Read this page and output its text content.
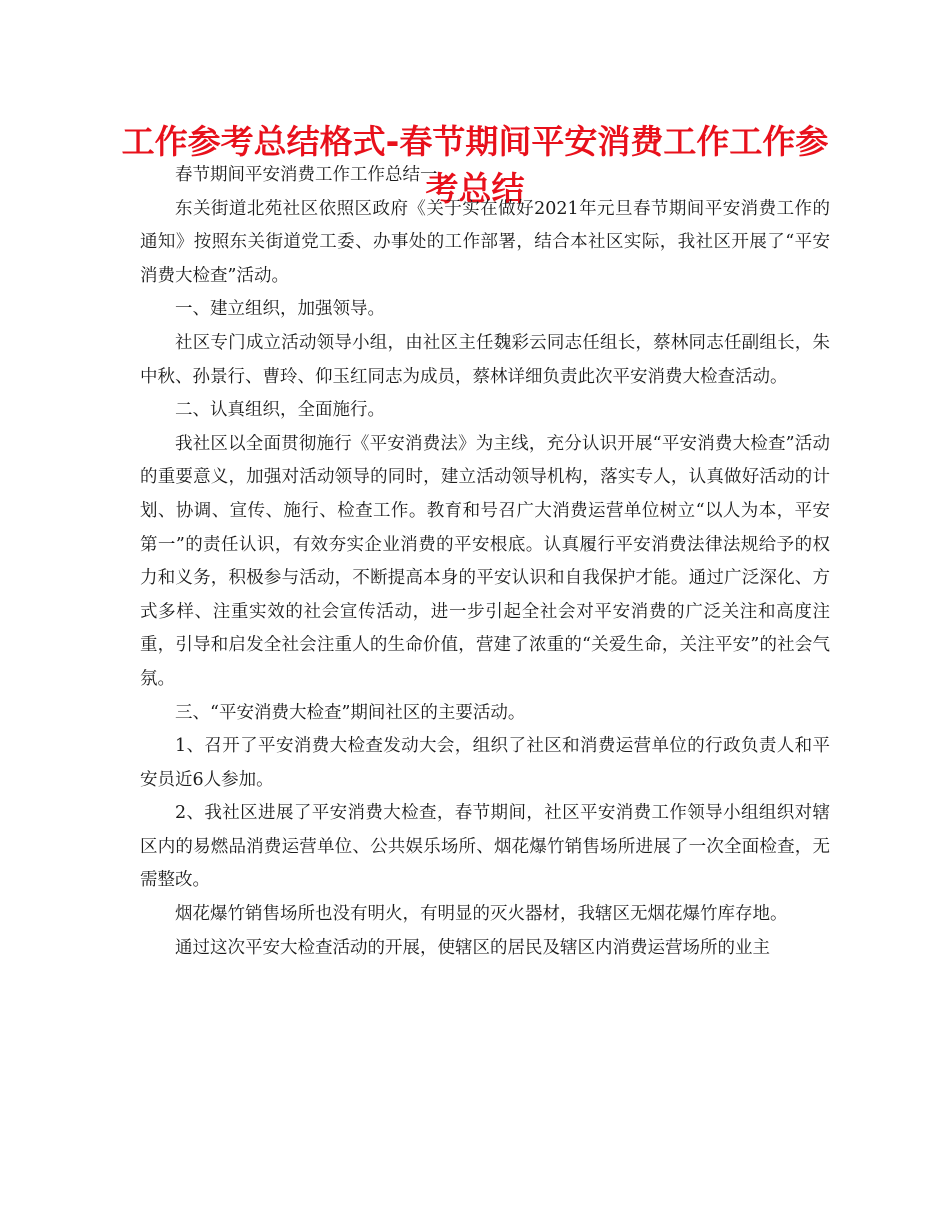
工作参考总结格式-春节期间平安消费工作工作参考总结

春节期间平安消费工作工作总结一

东关街道北苑社区依照区政府《关于实在做好2021年元旦春节期间平安消费工作的通知》按照东关街道党工委、办事处的工作部署，结合本社区实际，我社区开展了“平安消费大检查”活动。

一、建立组织，加强领导。

社区专门成立活动领导小组，由社区主任魏彩云同志任组长，蔡林同志任副组长，朱中秋、孙景行、曹玲、仰玉红同志为成员，蔡林详细负责此次平安消费大检查活动。

二、认真组织，全面施行。

我社区以全面贯彻施行《平安消费法》为主线，充分认识开展“平安消费大检查”活动的重要意义，加强对活动领导的同时，建立活动领导机构，落实专人，认真做好活动的计划、协调、宣传、施行、检查工作。教育和号召广大消费运营单位树立“以人为本，平安第一”的责任认识，有效夯实企业消费的平安根底。认真履行平安消费法律法规给予的权力和义务，积极参与活动，不断提高本身的平安认识和自我保护才能。通过广泛深化、方式多样、注重实效的社会宣传活动，进一步引起全社会对平安消费的广泛关注和高度注重，引导和启发全社会注重人的生命价值，营建了浓重的“关爱生命，关注平安”的社会气氛。

三、“平安消费大检查”期间社区的主要活动。

1、召开了平安消费大检查发动大会，组织了社区和消费运营单位的行政负责人和平安员近6人参加。

2、我社区进展了平安消费大检查，春节期间，社区平安消费工作领导小组组织对辖区内的易燃品消费运营单位、公共娱乐场所、烟花爆竹销售场所进展了一次全面检查，无需整改。

烟花爆竹销售场所也没有明火，有明显的灭火器材，我辖区无烟花爆竹库存地。

通过这次平安大检查活动的开展，使辖区的居民及辖区内消费运营场所的业主
